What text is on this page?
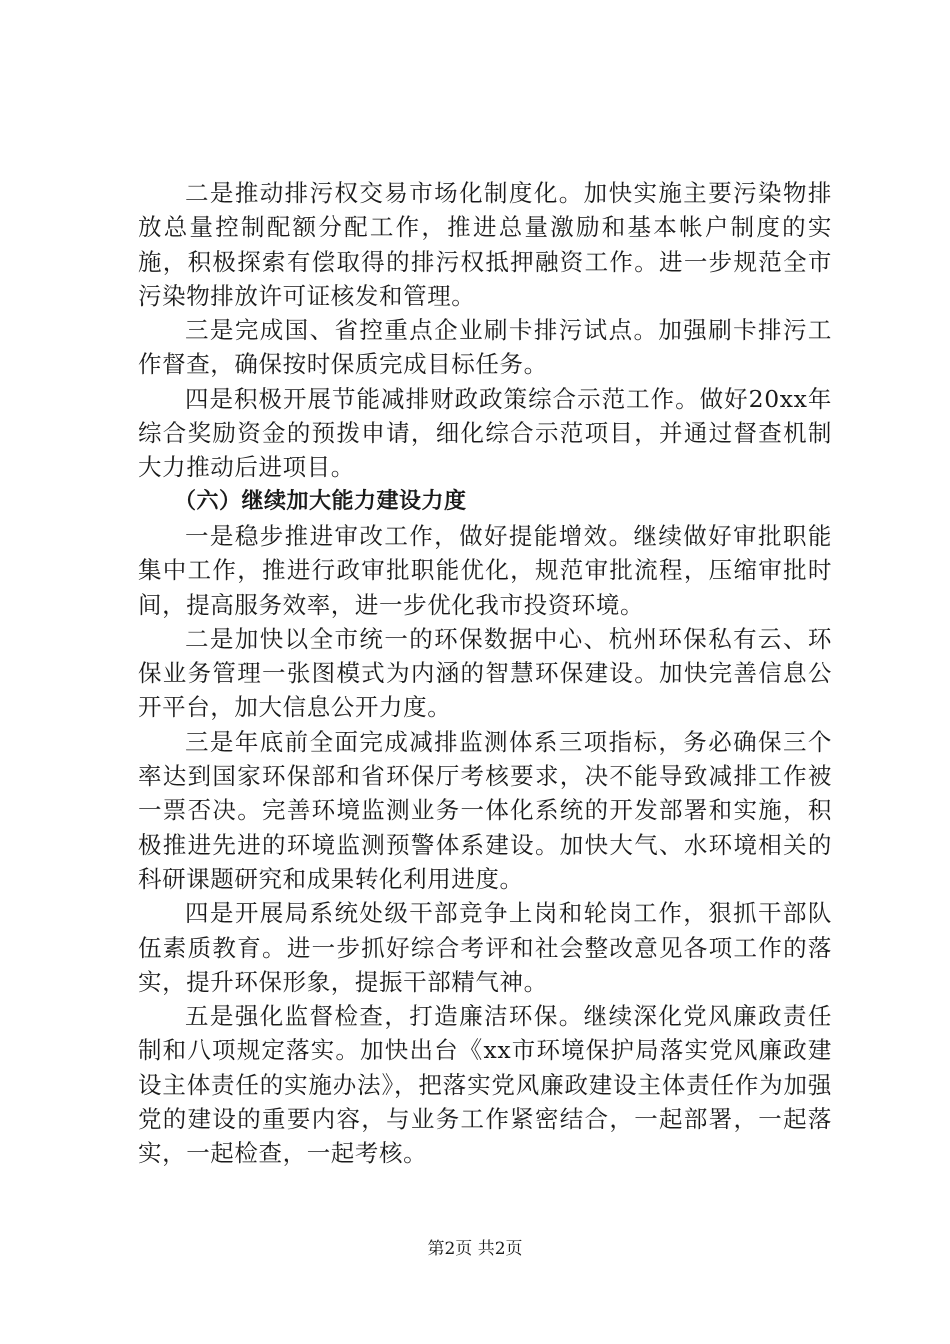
二是推动排污权交易市场化制度化。加快实施主要污染物排放总量控制配额分配工作，推进总量激励和基本帐户制度的实施，积极探索有偿取得的排污权抵押融资工作。进一步规范全市污染物排放许可证核发和管理。

三是完成国、省控重点企业刷卡排污试点。加强刷卡排污工作督查，确保按时保质完成目标任务。

四是积极开展节能减排财政政策综合示范工作。做好20xx年综合奖励资金的预拨申请，细化综合示范项目，并通过督查机制大力推动后进项目。

（六）继续加大能力建设力度

一是稳步推进审改工作，做好提能增效。继续做好审批职能集中工作，推进行政审批职能优化，规范审批流程，压缩审批时间，提高服务效率，进一步优化我市投资环境。

二是加快以全市统一的环保数据中心、杭州环保私有云、环保业务管理一张图模式为内涵的智慧环保建设。加快完善信息公开平台，加大信息公开力度。

三是年底前全面完成减排监测体系三项指标，务必确保三个率达到国家环保部和省环保厅考核要求，决不能导致减排工作被一票否决。完善环境监测业务一体化系统的开发部署和实施，积极推进先进的环境监测预警体系建设。加快大气、水环境相关的科研课题研究和成果转化利用进度。

四是开展局系统处级干部竞争上岗和轮岗工作，狠抓干部队伍素质教育。进一步抓好综合考评和社会整改意见各项工作的落实，提升环保形象，提振干部精气神。

五是强化监督检查，打造廉洁环保。继续深化党风廉政责任制和八项规定落实。加快出台《xx市环境保护局落实党风廉政建设主体责任的实施办法》，把落实党风廉政建设主体责任作为加强党的建设的重要内容，与业务工作紧密结合，一起部署，一起落实，一起检查，一起考核。

第2页 共2页
